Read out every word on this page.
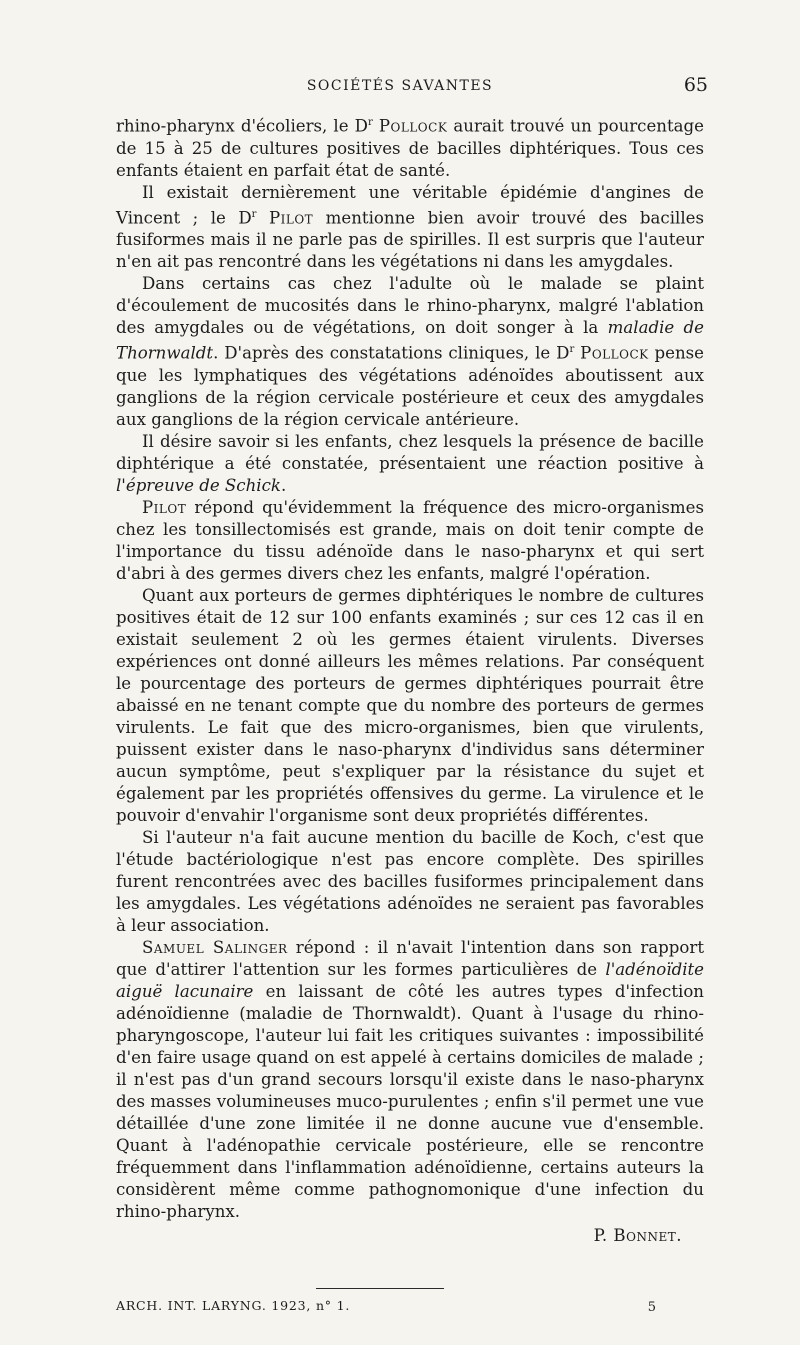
SOCIÉTÉS SAVANTES	65

rhino-pharynx d'écoliers, le $D^r$ Pollock aurait trouvé un pourcentage de 15 à 25 de cultures positives de bacilles diphtériques. Tous ces enfants étaient en parfait état de santé.

Il existait dernièrement une véritable épidémie d'angines de Vincent ; le $D^r$ Pilot mentionne bien avoir trouvé des bacilles fusiformes mais il ne parle pas de spirilles. Il est surpris que l'auteur n'en ait pas rencontré dans les végétations ni dans les amygdales.

Dans certains cas chez l'adulte où le malade se plaint d'écoulement de mucosités dans le rhino-pharynx, malgré l'ablation des amygdales ou de végétations, on doit songer à la maladie de Thornwaldt. D'après des constatations cliniques, le $D^r$ Pollock pense que les lymphatiques des végétations adénoïdes aboutissent aux ganglions de la région cervicale postérieure et ceux des amygdales aux ganglions de la région cervicale antérieure.

Il désire savoir si les enfants, chez lesquels la présence de bacille diphtérique a été constatée, présentaient une réaction positive à l'épreuve de Schick.

Pilot répond qu'évidemment la fréquence des micro-organismes chez les tonsillectomisés est grande, mais on doit tenir compte de l'importance du tissu adénoïde dans le naso-pharynx et qui sert d'abri à des germes divers chez les enfants, malgré l'opération.

Quant aux porteurs de germes diphtériques le nombre de cultures positives était de 12 sur 100 enfants examinés ; sur ces 12 cas il en existait seulement 2 où les germes étaient virulents. Diverses expériences ont donné ailleurs les mêmes relations. Par conséquent le pourcentage des porteurs de germes diphtériques pourrait être abaissé en ne tenant compte que du nombre des porteurs de germes virulents. Le fait que des micro-organismes, bien que virulents, puissent exister dans le naso-pharynx d'individus sans déterminer aucun symptôme, peut s'expliquer par la résistance du sujet et également par les propriétés offensives du germe. La virulence et le pouvoir d'envahir l'organisme sont deux propriétés différentes.

Si l'auteur n'a fait aucune mention du bacille de Koch, c'est que l'étude bactériologique n'est pas encore complète. Des spirilles furent rencontrées avec des bacilles fusiformes principalement dans les amygdales. Les végétations adénoïdes ne seraient pas favorables à leur association.

Samuel Salinger répond : il n'avait l'intention dans son rapport que d'attirer l'attention sur les formes particulières de l'adénoïdite aiguë lacunaire en laissant de côté les autres types d'infection adénoïdienne (maladie de Thornwaldt). Quant à l'usage du rhino-pharyngoscope, l'auteur lui fait les critiques suivantes : impossibilité d'en faire usage quand on est appelé à certains domiciles de malade ; il n'est pas d'un grand secours lorsqu'il existe dans le naso-pharynx des masses volumineuses muco-purulentes ; enfin s'il permet une vue détaillée d'une zone limitée il ne donne aucune vue d'ensemble. Quant à l'adénopathie cervicale postérieure, elle se rencontre fréquemment dans l'inflammation adénoïdienne, certains auteurs la considèrent même comme pathognomonique d'une infection du rhino-pharynx.

P. Bonnet.
ARCH. INT. LARYNG. 1923, n° 1.	5
